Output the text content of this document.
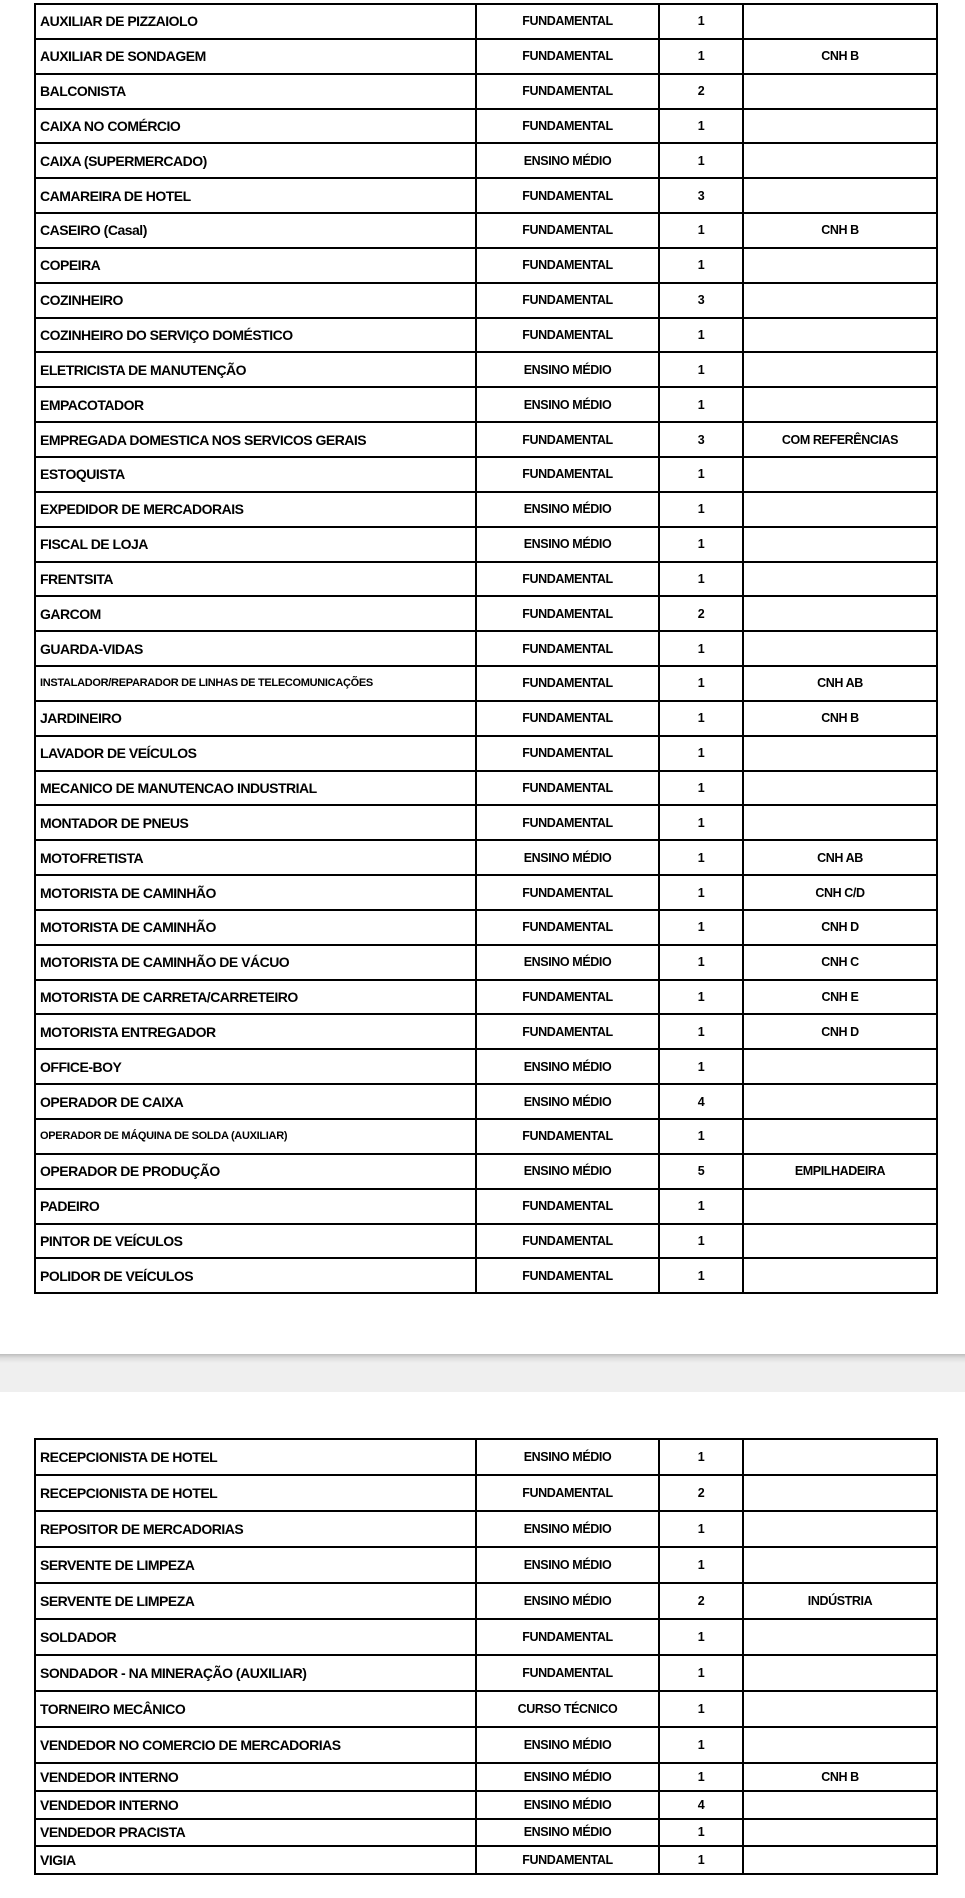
AUXILIAR DE PIZZAIOLO	FUNDAMENTAL	1	
AUXILIAR DE SONDAGEM	FUNDAMENTAL	1	CNH B
BALCONISTA	FUNDAMENTAL	2	
CAIXA NO COMÉRCIO	FUNDAMENTAL	1	
CAIXA (SUPERMERCADO)	ENSINO MÉDIO	1	
CAMAREIRA DE HOTEL	FUNDAMENTAL	3	
CASEIRO (Casal)	FUNDAMENTAL	1	CNH B
COPEIRA	FUNDAMENTAL	1	
COZINHEIRO	FUNDAMENTAL	3	
COZINHEIRO DO SERVIÇO DOMÉSTICO	FUNDAMENTAL	1	
ELETRICISTA DE MANUTENÇÃO	ENSINO MÉDIO	1	
EMPACOTADOR	ENSINO MÉDIO	1	
EMPREGADA DOMESTICA NOS SERVICOS GERAIS	FUNDAMENTAL	3	COM REFERÊNCIAS
ESTOQUISTA	FUNDAMENTAL	1	
EXPEDIDOR DE MERCADORAIS	ENSINO MÉDIO	1	
FISCAL DE LOJA	ENSINO MÉDIO	1	
FRENTSITA	FUNDAMENTAL	1	
GARCOM	FUNDAMENTAL	2	
GUARDA-VIDAS	FUNDAMENTAL	1	
INSTALADOR/REPARADOR DE LINHAS DE TELECOMUNICAÇÕES	FUNDAMENTAL	1	CNH AB
JARDINEIRO	FUNDAMENTAL	1	CNH B
LAVADOR DE VEÍCULOS	FUNDAMENTAL	1	
MECANICO DE MANUTENCAO INDUSTRIAL	FUNDAMENTAL	1	
MONTADOR DE PNEUS	FUNDAMENTAL	1	
MOTOFRETISTA	ENSINO MÉDIO	1	CNH AB
MOTORISTA DE CAMINHÃO	FUNDAMENTAL	1	CNH C/D
MOTORISTA DE CAMINHÃO	FUNDAMENTAL	1	CNH D
MOTORISTA DE CAMINHÃO DE VÁCUO	ENSINO MÉDIO	1	CNH C
MOTORISTA DE CARRETA/CARRETEIRO	FUNDAMENTAL	1	CNH E
MOTORISTA ENTREGADOR	FUNDAMENTAL	1	CNH D
OFFICE-BOY	ENSINO MÉDIO	1	
OPERADOR DE CAIXA	ENSINO MÉDIO	4	
OPERADOR DE MÁQUINA DE SOLDA (AUXILIAR)	FUNDAMENTAL	1	
OPERADOR DE PRODUÇÃO	ENSINO MÉDIO	5	EMPILHADEIRA
PADEIRO	FUNDAMENTAL	1	
PINTOR DE VEÍCULOS	FUNDAMENTAL	1	
POLIDOR DE VEÍCULOS	FUNDAMENTAL	1	
RECEPCIONISTA DE HOTEL	ENSINO MÉDIO	1	
RECEPCIONISTA DE HOTEL	FUNDAMENTAL	2	
REPOSITOR DE MERCADORIAS	ENSINO MÉDIO	1	
SERVENTE DE LIMPEZA	ENSINO MÉDIO	1	
SERVENTE DE LIMPEZA	ENSINO MÉDIO	2	INDÚSTRIA
SOLDADOR	FUNDAMENTAL	1	
SONDADOR - NA MINERAÇÃO (AUXILIAR)	FUNDAMENTAL	1	
TORNEIRO MECÂNICO	CURSO TÉCNICO	1	
VENDEDOR NO COMERCIO DE MERCADORIAS	ENSINO MÉDIO	1	
VENDEDOR INTERNO	ENSINO MÉDIO	1	CNH B
VENDEDOR INTERNO	ENSINO MÉDIO	4	
VENDEDOR PRACISTA	ENSINO MÉDIO	1	
VIGIA	FUNDAMENTAL	1	
